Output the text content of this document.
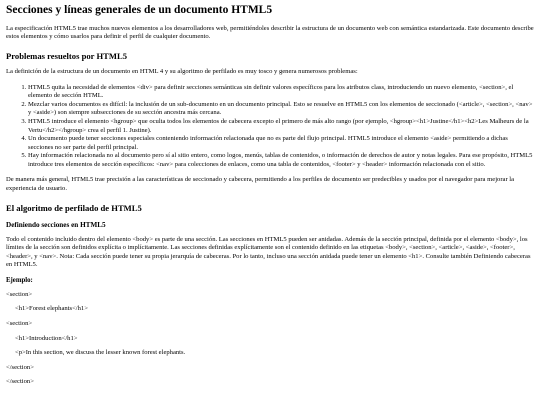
Secciones y líneas generales de un documento HTML5

La especificación HTML5 trae muchos nuevos elementos a los desarrolladores web, permitiéndoles describir la estructura de un documento web con semántica estandarizada. Este documento describe estos elementos y cómo usarlos para definir el perfil de cualquier documento.

Problemas resueltos por HTML5

La definición de la estructura de un documento en HTML 4 y su algoritmo de perfilado es muy tosco y genera numerosos problemas:

1. HTML5 quita la necesidad de elementos <div> para definir secciones semánticas sin definir valores específicos para los atributos class, introduciendo un nuevo elemento, <section>, el elemento de sección HTML.
2. Mezclar varios documentos es difícil: la inclusión de un sub-documento en un documento principal. Esto se resuelve en HTML5 con los elementos de seccionado (<article>, <section>, <nav> y <aside>) son siempre subsecciones de su sección ancestra más cercana.
3. HTML5 introduce el elemento <hgroup> que oculta todos los elementos de cabecera excepto el primero de más alto rango (por ejemplo, <hgroup><h1>Justine</h1><h2>Les Malheurs de la Vertu</h2></hgroup> crea el perfil 1. Justine).
4. Un documento puede tener secciones especiales conteniendo información relacionada que no es parte del flujo principal. HTML5 introduce el elemento <aside> permitiendo a dichas secciones no ser parte del perfil principal.
5. Hay información relacionada no al documento pero sí al sitio entero, como logos, menús, tablas de contenidos, o información de derechos de autor y notas legales. Para ese propósito, HTML5 introduce tres elementos de sección específicos: <nav> para colecciones de enlaces, como una tabla de contenidos, <footer> y <header> información relacionada con el sitio.

De manera más general, HTML5 trae precisión a las características de seccionado y cabecera, permitiendo a los perfiles de documento ser predecibles y usados por el navegador para mejorar la experiencia de usuario.

El algoritmo de perfilado de HTML5
Definiendo secciones en HTML5

Todo el contenido incluido dentro del elemento <body> es parte de una sección. Las secciones en HTML5 pueden ser anidadas. Además de la sección principal, definida por el elemento <body>, los límites de la sección son definidos explícita o implícitamente. Las secciones definidas explícitamente son el contenido definido en las etiquetas <body>, <section>, <article>, <aside>, <footer>, <header>, y <nav>. Nota: Cada sección puede tener su propia jerarquía de cabeceras. Por lo tanto, incluso una sección anidada puede tener un elemento <h1>. Consulte también Definiendo cabeceras en HTML5.

Ejemplo:
<section>
<h1>Forest elephants</h1>
<section>
<h1>Introduction</h1>
<p>In this section, we discuss the lesser known forest elephants.
</section>
</section>
